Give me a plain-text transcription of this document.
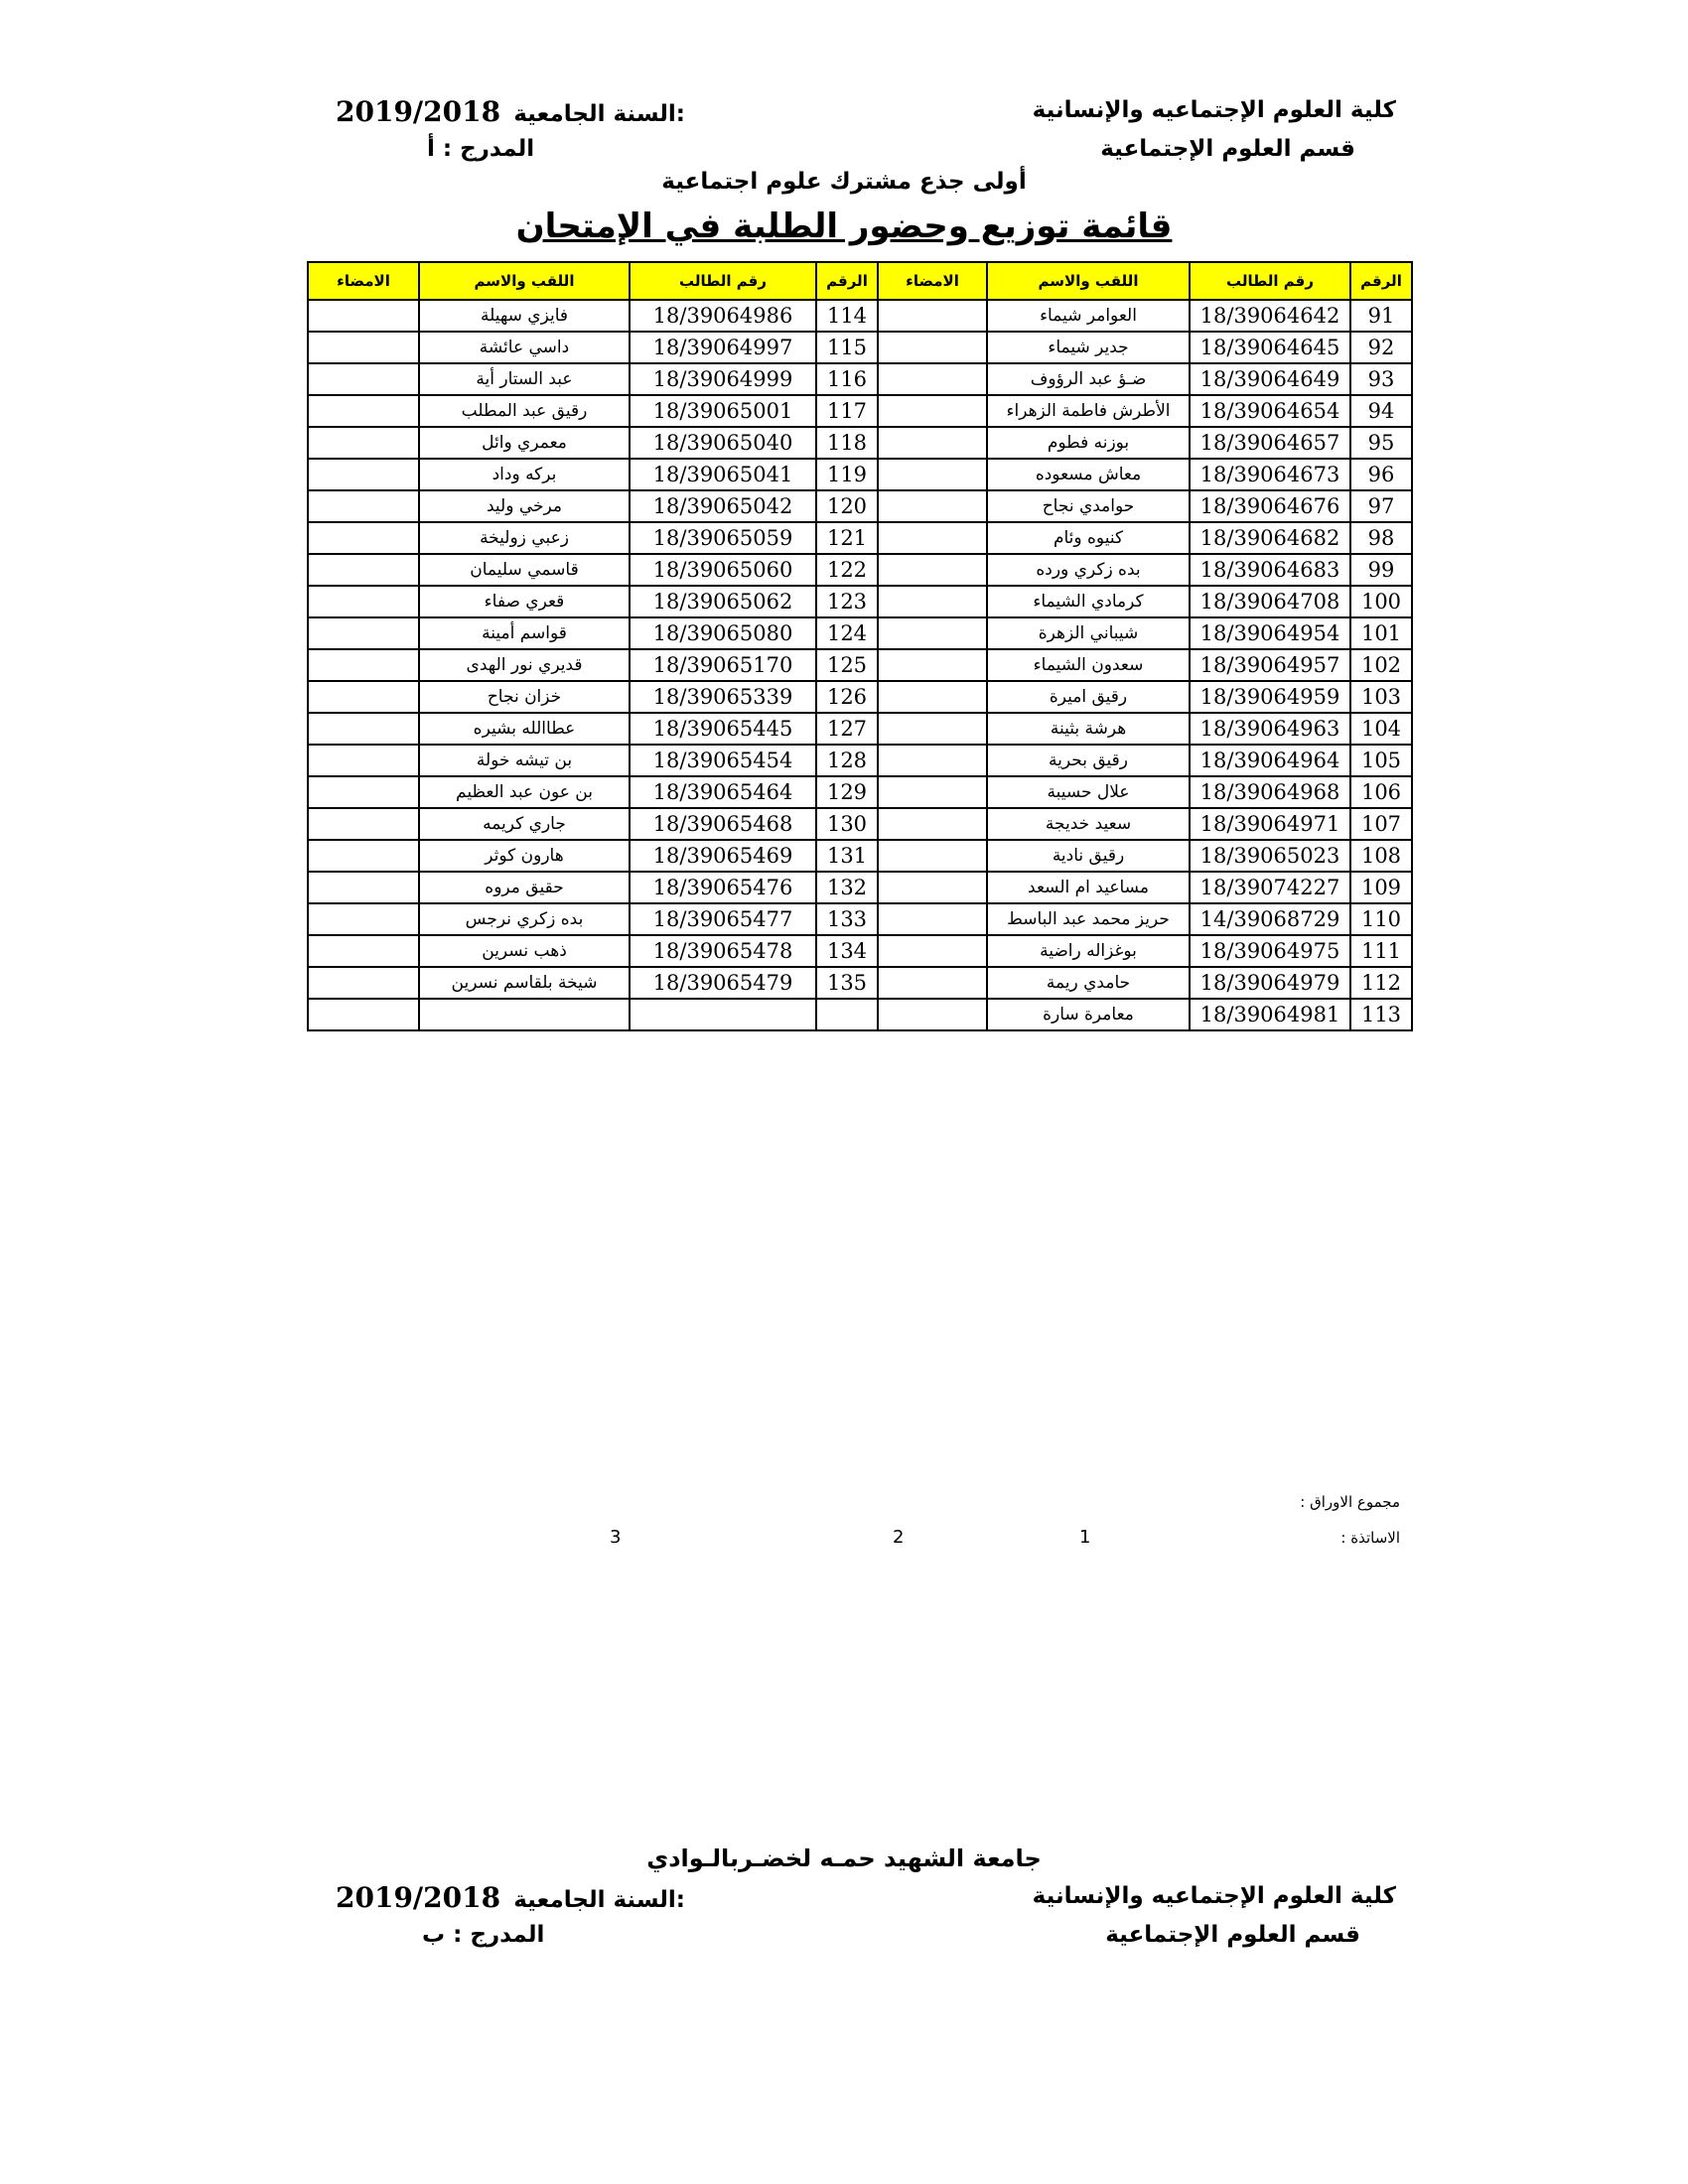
كلية العلوم الإجتماعيه والإنسانية
قسم العلوم الإجتماعية
2019/2018 السنة الجامعية:
المدرج : أ
أولى جذع مشترك علوم اجتماعية
قائمة توزيع وحضور الطلبة في الإمتحان
الرقم	رقم الطالب	اللقب والاسم	الامضاء	الرقم	رقم الطالب	اللقب والاسم	الامضاء
91	18/39064642	العوامر شيماء		114	18/39064986	فايزي سهيلة	
92	18/39064645	جدير شيماء		115	18/39064997	داسي عائشة	
93	18/39064649	ضـؤ عبد الرؤوف		116	18/39064999	عبد الستار أية	
94	18/39064654	الأطرش فاطمة الزهراء		117	18/39065001	رقيق عبد المطلب	
95	18/39064657	بوزنه فطوم		118	18/39065040	معمري وائل	
96	18/39064673	معاش مسعوده		119	18/39065041	بركه وداد	
97	18/39064676	حوامدي نجاح		120	18/39065042	مرخي وليد	
98	18/39064682	كنيوه وئام		121	18/39065059	زعبي زوليخة	
99	18/39064683	بده زكري ورده		122	18/39065060	قاسمي سليمان	
100	18/39064708	كرمادي الشيماء		123	18/39065062	قعري صفاء	
101	18/39064954	شيباني الزهرة		124	18/39065080	قواسم أمينة	
102	18/39064957	سعدون الشيماء		125	18/39065170	قديري نور الهدى	
103	18/39064959	رقيق اميرة		126	18/39065339	خزان نجاح	
104	18/39064963	هرشة بثينة		127	18/39065445	عطاالله بشيره	
105	18/39064964	رقيق بحرية		128	18/39065454	بن تيشه خولة	
106	18/39064968	علال حسيبة		129	18/39065464	بن عون عبد العظيم	
107	18/39064971	سعيد خديجة		130	18/39065468	جاري كريمه	
108	18/39065023	رقيق نادية		131	18/39065469	هارون كوثر	
109	18/39074227	مساعيد ام السعد		132	18/39065476	حقيق مروه	
110	14/39068729	حريز محمد عبد الباسط		133	18/39065477	بده زكري نرجس	
111	18/39064975	بوغزاله راضية		134	18/39065478	ذهب نسرين	
112	18/39064979	حامدي ريمة		135	18/39065479	شيخة بلقاسم نسرين	
113	18/39064981	معامرة سارة					
مجموع الاوراق :
الاساتذة :
1
2
3
جامعة الشهيد حمـه لخضـربالـوادي
كلية العلوم الإجتماعيه والإنسانية
قسم العلوم الإجتماعية
2019/2018 السنة الجامعية:
المدرج : ب
